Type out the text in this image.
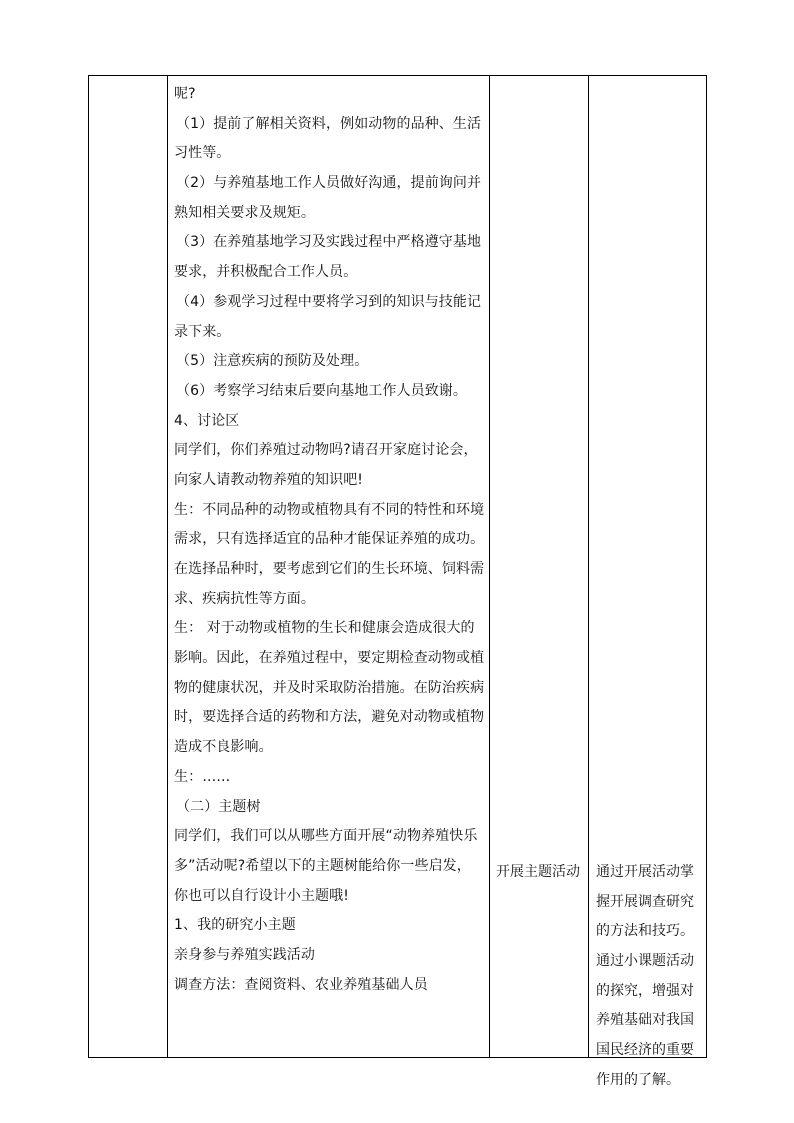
呢?
（1）提前了解相关资料，例如动物的品种、生活
习性等。
（2）与养殖基地工作人员做好沟通，提前询问并
熟知相关要求及规矩。
（3）在养殖基地学习及实践过程中严格遵守基地
要求，并积极配合工作人员。
（4）参观学习过程中要将学习到的知识与技能记
录下来。
（5）注意疾病的预防及处理。
（6）考察学习结束后要向基地工作人员致谢。
4、讨论区
同学们，你们养殖过动物吗?请召开家庭讨论会，
向家人请教动物养殖的知识吧!
生：不同品种的动物或植物具有不同的特性和环境
需求，只有选择适宜的品种才能保证养殖的成功。
在选择品种时，要考虑到它们的生长环境、饲料需
求、疾病抗性等方面。
生： 对于动物或植物的生长和健康会造成很大的
影响。因此，在养殖过程中，要定期检查动物或植
物的健康状况，并及时采取防治措施。在防治疾病
时，要选择合适的药物和方法，避免对动物或植物
造成不良影响。
生：……
（二）主题树
同学们，我们可以从哪些方面开展“动物养殖快乐
多”活动呢?希望以下的主题树能给你一些启发，
你也可以自行设计小主题哦!
1、我的研究小主题
亲身参与养殖实践活动
调查方法：查阅资料、农业养殖基础人员
开展主题活动 通过开展活动掌
握开展调查研究
的方法和技巧。
通过小课题活动
的探究，增强对
养殖基础对我国
国民经济的重要
作用的了解。
